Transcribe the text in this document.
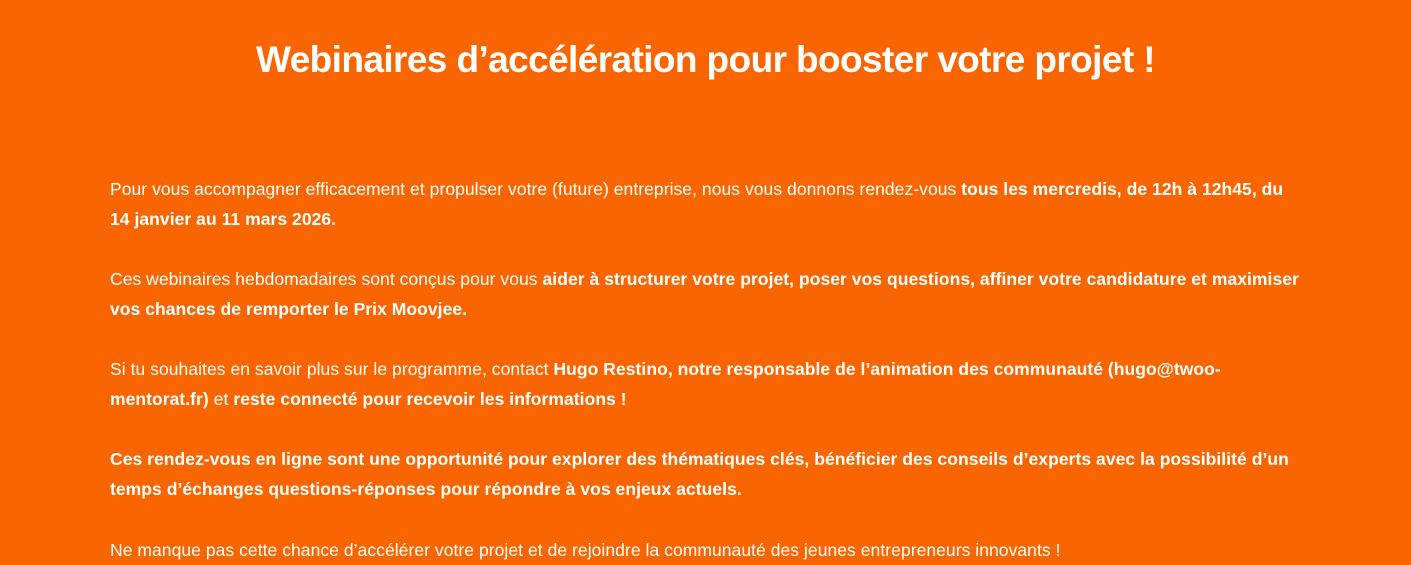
Webinaires d’accélération pour booster votre projet !

Pour vous accompagner efficacement et propulser votre (future) entreprise, nous vous donnons rendez-vous tous les mercredis, de 12h à 12h45, du 14 janvier au 11 mars 2026.

Ces webinaires hebdomadaires sont conçus pour vous aider à structurer votre projet, poser vos questions, affiner votre candidature et maximiser vos chances de remporter le Prix Moovjee.

Si tu souhaites en savoir plus sur le programme, contact Hugo Restino, notre responsable de l’animation des communauté (hugo@twoo-mentorat.fr) et reste connecté pour recevoir les informations !

Ces rendez-vous en ligne sont une opportunité pour explorer des thématiques clés, bénéficier des conseils d’experts avec la possibilité d’un temps d’échanges questions-réponses pour répondre à vos enjeux actuels.

Ne manque pas cette chance d’accélérer votre projet et de rejoindre la communauté des jeunes entrepreneurs innovants !
